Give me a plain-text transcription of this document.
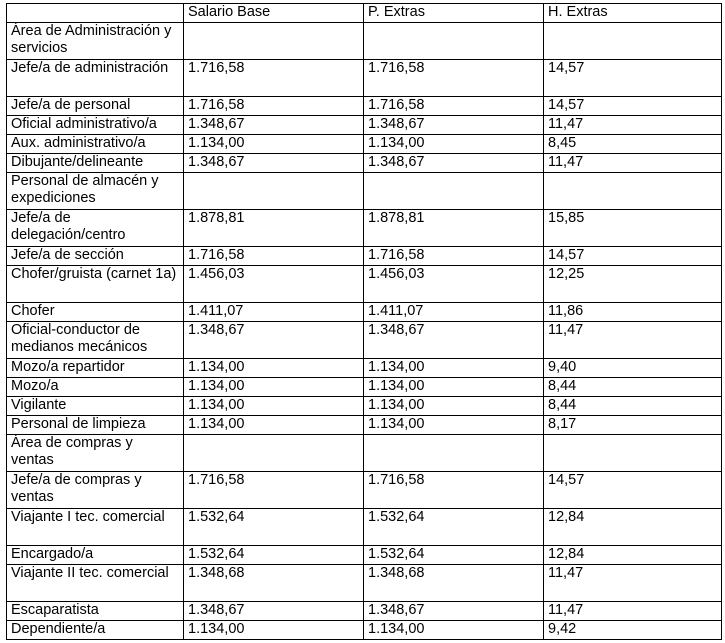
	Salario Base	P. Extras	H. Extras
Área de Administración y servicios			
Jefe/a de administración	1.716,58	1.716,58	14,57
Jefe/a de personal	1.716,58	1.716,58	14,57
Oficial administrativo/a	1.348,67	1.348,67	11,47
Aux. administrativo/a	1.134,00	1.134,00	8,45
Dibujante/delineante	1.348,67	1.348,67	11,47
Personal de almacén y expediciones			
Jefe/a de delegación/centro	1.878,81	1.878,81	15,85
Jefe/a de sección	1.716,58	1.716,58	14,57
Chofer/gruista (carnet 1a)	1.456,03	1.456,03	12,25
Chofer	1.411,07	1.411,07	11,86
Oficial-conductor de medianos mecánicos	1.348,67	1.348,67	11,47
Mozo/a repartidor	1.134,00	1.134,00	9,40
Mozo/a	1.134,00	1.134,00	8,44
Vigilante	1.134,00	1.134,00	8,44
Personal de limpieza	1.134,00	1.134,00	8,17
Área de compras y ventas			
Jefe/a de compras y ventas	1.716,58	1.716,58	14,57
Viajante I tec. comercial	1.532,64	1.532,64	12,84
Encargado/a	1.532,64	1.532,64	12,84
Viajante II tec. comercial	1.348,68	1.348,68	11,47
Escaparatista	1.348,67	1.348,67	11,47
Dependiente/a	1.134,00	1.134,00	9,42
